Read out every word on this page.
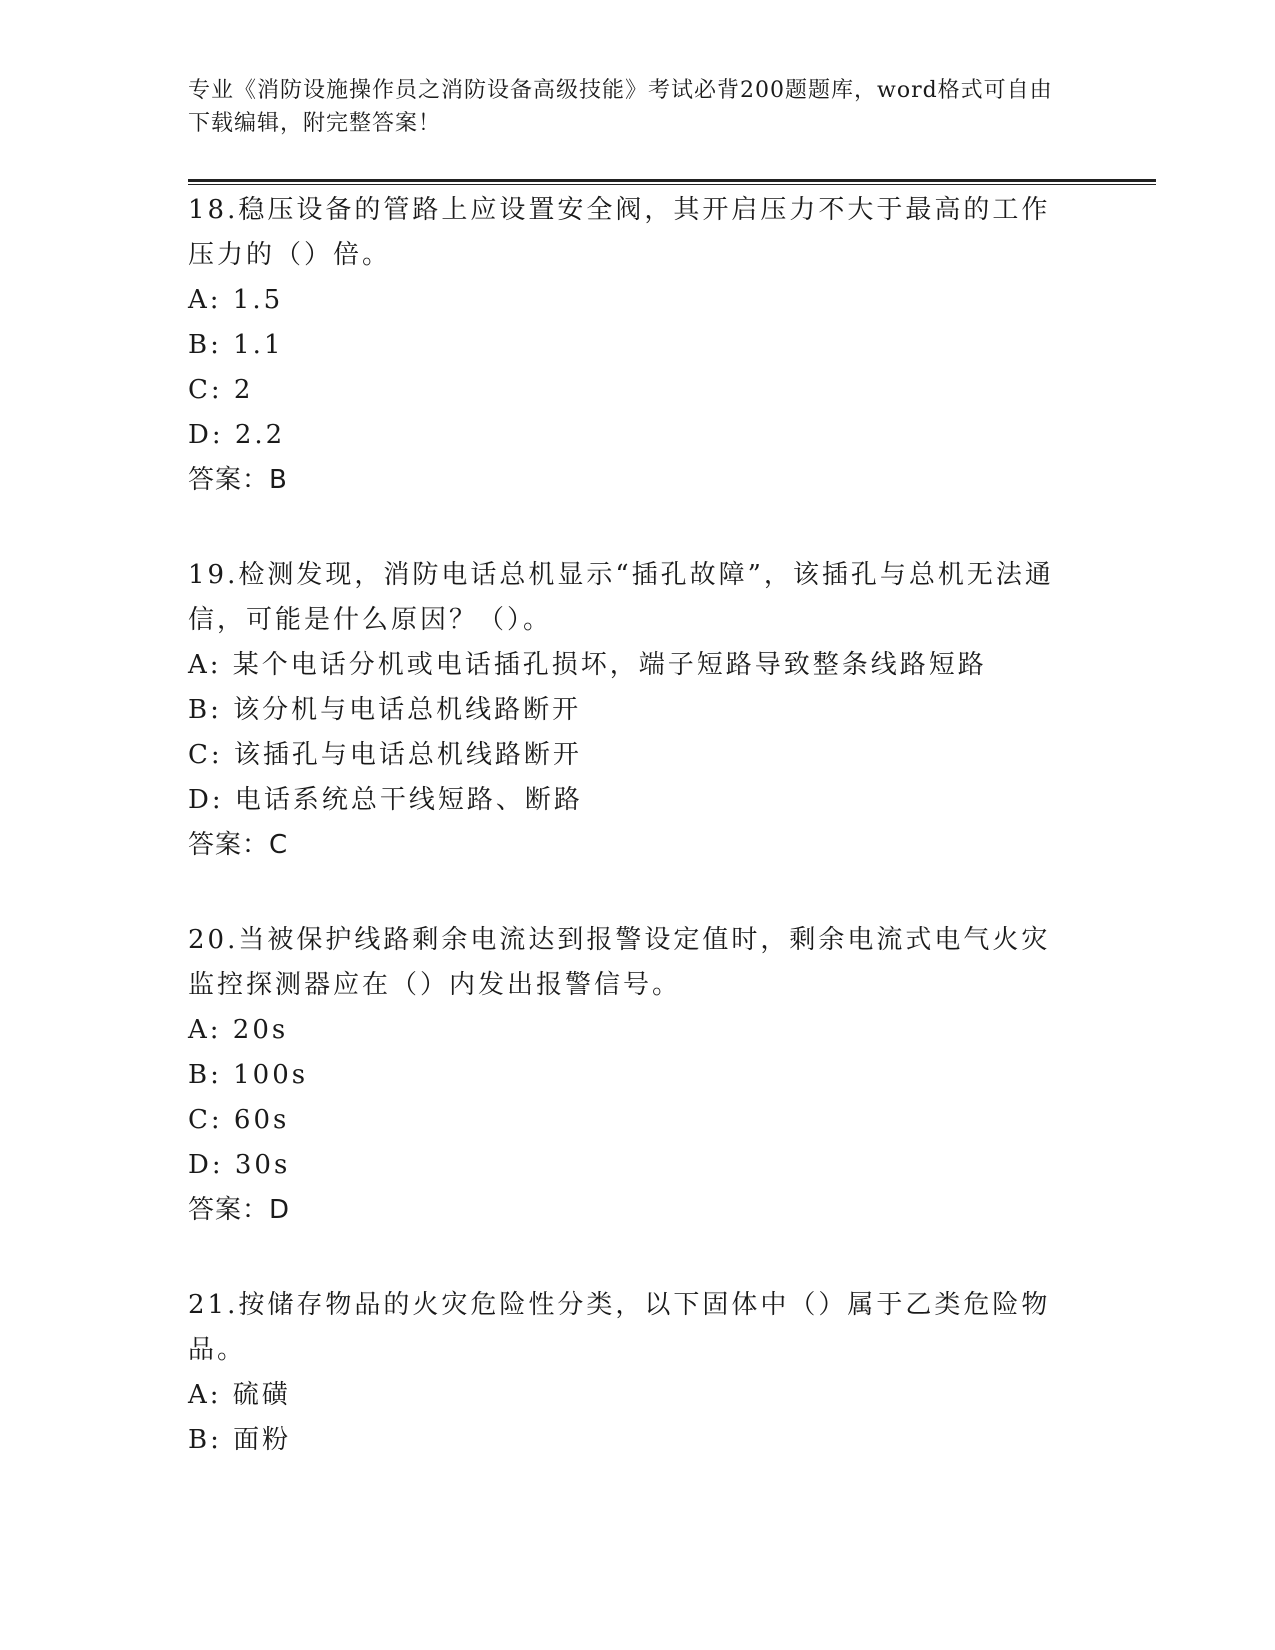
专业《消防设施操作员之消防设备高级技能》考试必背200题题库，word格式可自由下载编辑，附完整答案！

18.稳压设备的管路上应设置安全阀，其开启压力不大于最高的工作压力的（）倍。

A: 1.5

B: 1.1

C: 2

D: 2.2

答案：B

19.检测发现，消防电话总机显示“插孔故障”，该插孔与总机无法通信，可能是什么原因？（）。

A: 某个电话分机或电话插孔损坏，端子短路导致整条线路短路

B: 该分机与电话总机线路断开

C: 该插孔与电话总机线路断开

D: 电话系统总干线短路、断路

答案：C

20.当被保护线路剩余电流达到报警设定值时，剩余电流式电气火灾监控探测器应在（）内发出报警信号。

A: 20s

B: 100s

C: 60s

D: 30s

答案：D

21.按储存物品的火灾危险性分类，以下固体中（）属于乙类危险物品。

A: 硫磺

B: 面粉
